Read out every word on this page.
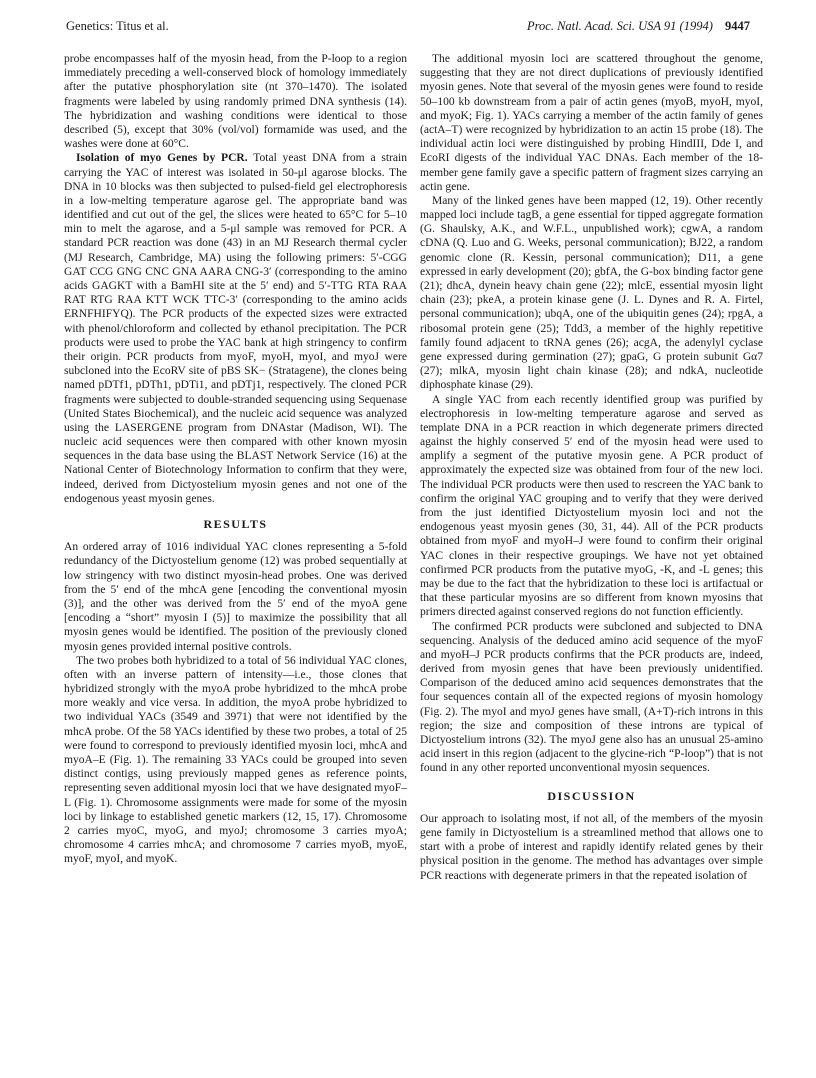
Genetics: Titus et al.	Proc. Natl. Acad. Sci. USA 91 (1994) 9447

probe encompasses half of the myosin head, from the P-loop to a region immediately preceding a well-conserved block of homology immediately after the putative phosphorylation site (nt 370–1470). The isolated fragments were labeled by using randomly primed DNA synthesis (14). The hybridization and washing conditions were identical to those described (5), except that 30% (vol/vol) formamide was used, and the washes were done at 60°C.

Isolation of myo Genes by PCR. Total yeast DNA from a strain carrying the YAC of interest was isolated in 50-μl agarose blocks. The DNA in 10 blocks was then subjected to pulsed-field gel electrophoresis in a low-melting temperature agarose gel. The appropriate band was identified and cut out of the gel, the slices were heated to 65°C for 5–10 min to melt the agarose, and a 5-μl sample was removed for PCR. A standard PCR reaction was done (43) in an MJ Research thermal cycler (MJ Research, Cambridge, MA) using the following primers: 5′-CGG GAT CCG GNG CNC GNA AARA CNG-3′ (corresponding to the amino acids GAGKT with a BamHI site at the 5′ end) and 5′-TTG RTA RAA RAT RTG RAA KTT WCK TTC-3′ (corresponding to the amino acids ERNFHIFYQ). The PCR products of the expected sizes were extracted with phenol/chloroform and collected by ethanol precipitation. The PCR products were used to probe the YAC bank at high stringency to confirm their origin. PCR products from myoF, myoH, myoI, and myoJ were subcloned into the EcoRV site of pBS SK− (Stratagene), the clones being named pDTf1, pDTh1, pDTi1, and pDTj1, respectively. The cloned PCR fragments were subjected to double-stranded sequencing using Sequenase (United States Biochemical), and the nucleic acid sequence was analyzed using the LASERGENE program from DNAstar (Madison, WI). The nucleic acid sequences were then compared with other known myosin sequences in the data base using the BLAST Network Service (16) at the National Center of Biotechnology Information to confirm that they were, indeed, derived from Dictyostelium myosin genes and not one of the endogenous yeast myosin genes.

RESULTS

An ordered array of 1016 individual YAC clones representing a 5-fold redundancy of the Dictyostelium genome (12) was probed sequentially at low stringency with two distinct myosin-head probes. One was derived from the 5′ end of the mhcA gene [encoding the conventional myosin (3)], and the other was derived from the 5′ end of the myoA gene [encoding a “short” myosin I (5)] to maximize the possibility that all myosin genes would be identified. The position of the previously cloned myosin genes provided internal positive controls.

The two probes both hybridized to a total of 56 individual YAC clones, often with an inverse pattern of intensity—i.e., those clones that hybridized strongly with the myoA probe hybridized to the mhcA probe more weakly and vice versa. In addition, the myoA probe hybridized to two individual YACs (3549 and 3971) that were not identified by the mhcA probe. Of the 58 YACs identified by these two probes, a total of 25 were found to correspond to previously identified myosin loci, mhcA and myoA–E (Fig. 1). The remaining 33 YACs could be grouped into seven distinct contigs, using previously mapped genes as reference points, representing seven additional myosin loci that we have designated myoF–L (Fig. 1). Chromosome assignments were made for some of the myosin loci by linkage to established genetic markers (12, 15, 17). Chromosome 2 carries myoC, myoG, and myoJ; chromosome 3 carries myoA; chromosome 4 carries mhcA; and chromosome 7 carries myoB, myoE, myoF, myoI, and myoK.

The additional myosin loci are scattered throughout the genome, suggesting that they are not direct duplications of previously identified myosin genes. Note that several of the myosin genes were found to reside 50–100 kb downstream from a pair of actin genes (myoB, myoH, myoI, and myoK; Fig. 1). YACs carrying a member of the actin family of genes (actA–T) were recognized by hybridization to an actin 15 probe (18). The individual actin loci were distinguished by probing HindIII, Dde I, and EcoRI digests of the individual YAC DNAs. Each member of the 18-member gene family gave a specific pattern of fragment sizes carrying an actin gene.

Many of the linked genes have been mapped (12, 19). Other recently mapped loci include tagB, a gene essential for tipped aggregate formation (G. Shaulsky, A.K., and W.F.L., unpublished work); cgwA, a random cDNA (Q. Luo and G. Weeks, personal communication); BJ22, a random genomic clone (R. Kessin, personal communication); D11, a gene expressed in early development (20); gbfA, the G-box binding factor gene (21); dhcA, dynein heavy chain gene (22); mlcE, essential myosin light chain (23); pkeA, a protein kinase gene (J. L. Dynes and R. A. Firtel, personal communication); ubqA, one of the ubiquitin genes (24); rpgA, a ribosomal protein gene (25); Tdd3, a member of the highly repetitive family found adjacent to tRNA genes (26); acgA, the adenylyl cyclase gene expressed during germination (27); gpaG, G protein subunit Gα7 (27); mlkA, myosin light chain kinase (28); and ndkA, nucleotide diphosphate kinase (29).

A single YAC from each recently identified group was purified by electrophoresis in low-melting temperature agarose and served as template DNA in a PCR reaction in which degenerate primers directed against the highly conserved 5′ end of the myosin head were used to amplify a segment of the putative myosin gene. A PCR product of approximately the expected size was obtained from four of the new loci. The individual PCR products were then used to rescreen the YAC bank to confirm the original YAC grouping and to verify that they were derived from the just identified Dictyostelium myosin loci and not the endogenous yeast myosin genes (30, 31, 44). All of the PCR products obtained from myoF and myoH–J were found to confirm their original YAC clones in their respective groupings. We have not yet obtained confirmed PCR products from the putative myoG, -K, and -L genes; this may be due to the fact that the hybridization to these loci is artifactual or that these particular myosins are so different from known myosins that primers directed against conserved regions do not function efficiently.

The confirmed PCR products were subcloned and subjected to DNA sequencing. Analysis of the deduced amino acid sequence of the myoF and myoH–J PCR products confirms that the PCR products are, indeed, derived from myosin genes that have been previously unidentified. Comparison of the deduced amino acid sequences demonstrates that the four sequences contain all of the expected regions of myosin homology (Fig. 2). The myoI and myoJ genes have small, (A+T)-rich introns in this region; the size and composition of these introns are typical of Dictyostelium introns (32). The myoJ gene also has an unusual 25-amino acid insert in this region (adjacent to the glycine-rich “P-loop”) that is not found in any other reported unconventional myosin sequences.

DISCUSSION

Our approach to isolating most, if not all, of the members of the myosin gene family in Dictyostelium is a streamlined method that allows one to start with a probe of interest and rapidly identify related genes by their physical position in the genome. The method has advantages over simple PCR reactions with degenerate primers in that the repeated isolation of
